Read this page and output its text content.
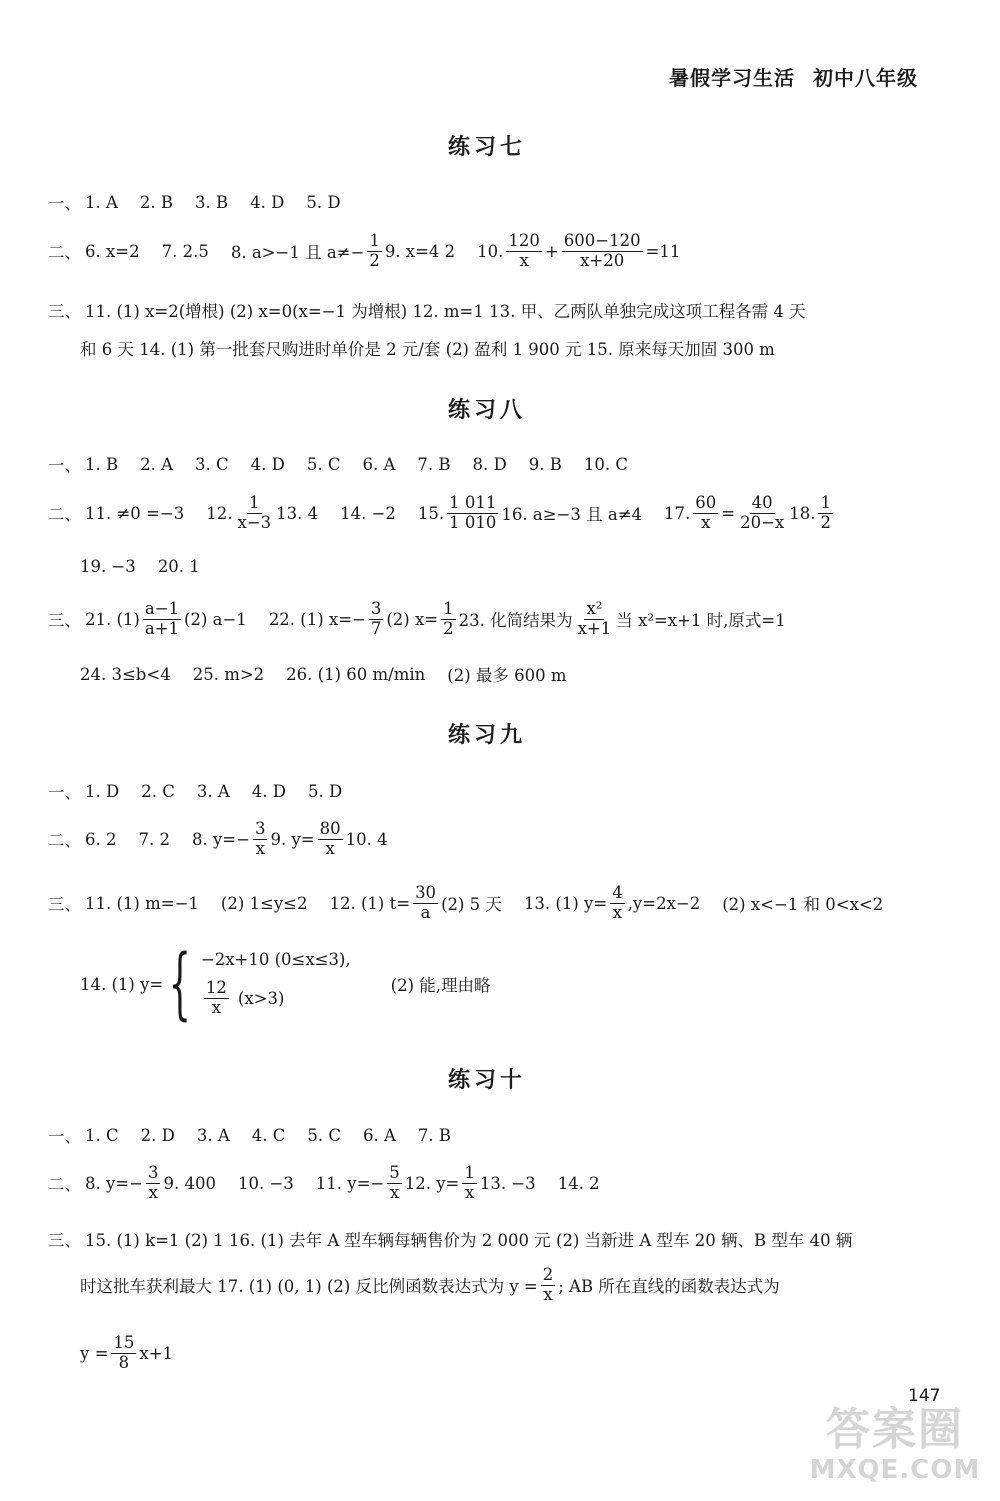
暑假学习生活 初中八年级
练习七
一、 1. A 2. B 3. B 4. D 5. D
二、 6. x=2 7. 2.5 8. a>−1 且 $a\ne- \frac{1}{2} 9$. x=4 2 10. $\frac{120}{x} + \frac{600-120}{x+20} =11$
三、 11. (1) x=2(增根) (2) x=0(x=−1 为增根) 12. m=1 13. 甲、乙两队单独完成这项工程各需 4 天
和 6 天 14. (1) 第一批套尺购进时单价是 2 元/套 (2) 盈利 1 900 元 15. 原来每天加固 300 m
练习八
一、 1. B 2. A 3. C 4. D 5. C 6. A 7. B 8. D 9. B 10. C
二、 11. ≠0 =−3 12. $\frac{1}{x-3} 13$. 4 14. −2 15. $\frac{1 011}{1 010} 16$. a≥−3 且 a≠4 17. $\frac{60}{x} = \frac{40}{20-x} 18$. $\frac{1}{2}$
19. −3 20. 1
三、 21. $(1) \frac{a-1}{a+1} (2)$ a−1 22. (1) $x=- \frac{3}{7} (2)$ $x= \frac{1}{2} 23$. 化简结果为 $\frac{\text{x²}}{x+1}$ 当 x²=x+1 时,原式=1
24. 3≤b<4 25. m>2 26. (1) 60 m/min (2) 最多 600 m
练习九
一、 1. D 2. C 3. A 4. D 5. D
二、 6. 2 7. 2 8. $y=- \frac{3}{x} 9$. $y= \frac{80}{x} 10$. 4
三、 11. (1) m=−1 (2) 1≤y≤2 12. (1) $t= \frac{30}{a} (2)$ 5 天 13. (1) $y= \frac{4}{x} ,y=2x-2$ (2) x<−1 和 0<x<2
14. (1) y= { −2x+10 (0≤x≤3),
$\frac{12}{x} (x>3)$
(2) 能,理由略
练习十
一、 1. C 2. D 3. A 4. C 5. C 6. A 7. B
二、 8. $y=- \frac{3}{x} 9$. 400 10. −3 11. $y=- \frac{5}{x} 12$. $y= \frac{1}{x} 13$. −3 14. 2
三、 15. (1) k=1 (2) 1 16. (1) 去年 A 型车辆每辆售价为 2 000 元 (2) 当新进 A 型车 20 辆、B 型车 40 辆
时这批车获利最大 17. (1) (0, 1) (2) 反比例函数表达式为 $y = \frac{2}{x}$ ; AB 所在直线的函数表达式为
$y = \frac{15}{8} x+1$
147
答案圈
MXQE.COM
